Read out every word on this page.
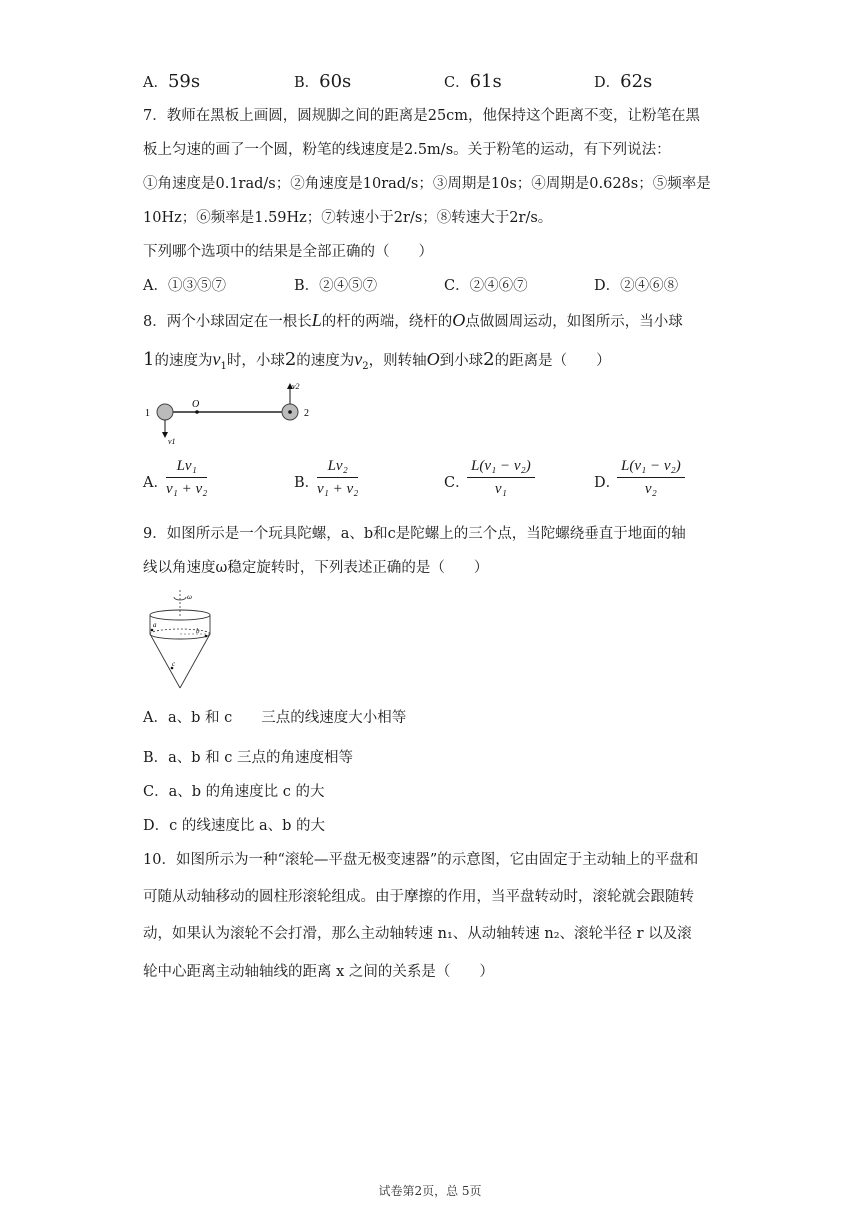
A．59s	B．60s	C．61s	D．62s
7．教师在黑板上画圆，圆规脚之间的距离是25cm，他保持这个距离不变，让粉笔在黑
板上匀速的画了一个圆，粉笔的线速度是2.5m/s。关于粉笔的运动，有下列说法：
①角速度是0.1rad/s；②角速度是10rad/s；③周期是10s；④周期是0.628s；⑤频率是
10Hz；⑥频率是1.59Hz；⑦转速小于2r/s；⑧转速大于2r/s。
下列哪个选项中的结果是全部正确的（　　）
A．①③⑤⑦	B．②④⑤⑦	C．②④⑥⑦	D．②④⑥⑧
8．两个小球固定在一根长L的杆的两端，绕杆的O点做圆周运动，如图所示，当小球
1的速度为$v_1$时，小球2的速度为$v_2$，则转轴O到小球2的距离是（　　）
1	2
O
v1
v2
A．
$\frac{\text{Lv₁}}{\text{v₁ + v₂}}$	B．
$\frac{\text{Lv₂}}{\text{v₁ + v₂}}$	C．
$\frac{\text{L(v₁ − v₂)}}{\text{v₁}}$	D．
$\frac{\text{L(v₁ − v₂)}}{\text{v₂}}$
9．如图所示是一个玩具陀螺，a、b和c是陀螺上的三个点，当陀螺绕垂直于地面的轴
线以角速度ω稳定旋转时，下列表述正确的是（　　）
ω
a
b
c
A．a、b 和 c　　三点的线速度大小相等
B．a、b 和 c 三点的角速度相等
C．a、b 的角速度比 c 的大
D．c 的线速度比 a、b 的大
10．如图所示为一种“滚轮—平盘无极变速器”的示意图，它由固定于主动轴上的平盘和
可随从动轴移动的圆柱形滚轮组成。由于摩擦的作用，当平盘转动时，滚轮就会跟随转
动，如果认为滚轮不会打滑，那么主动轴转速 n₁、从动轴转速 n₂、滚轮半径 r 以及滚
轮中心距离主动轴轴线的距离 x 之间的关系是（　　）
试卷第2页，总 5页
